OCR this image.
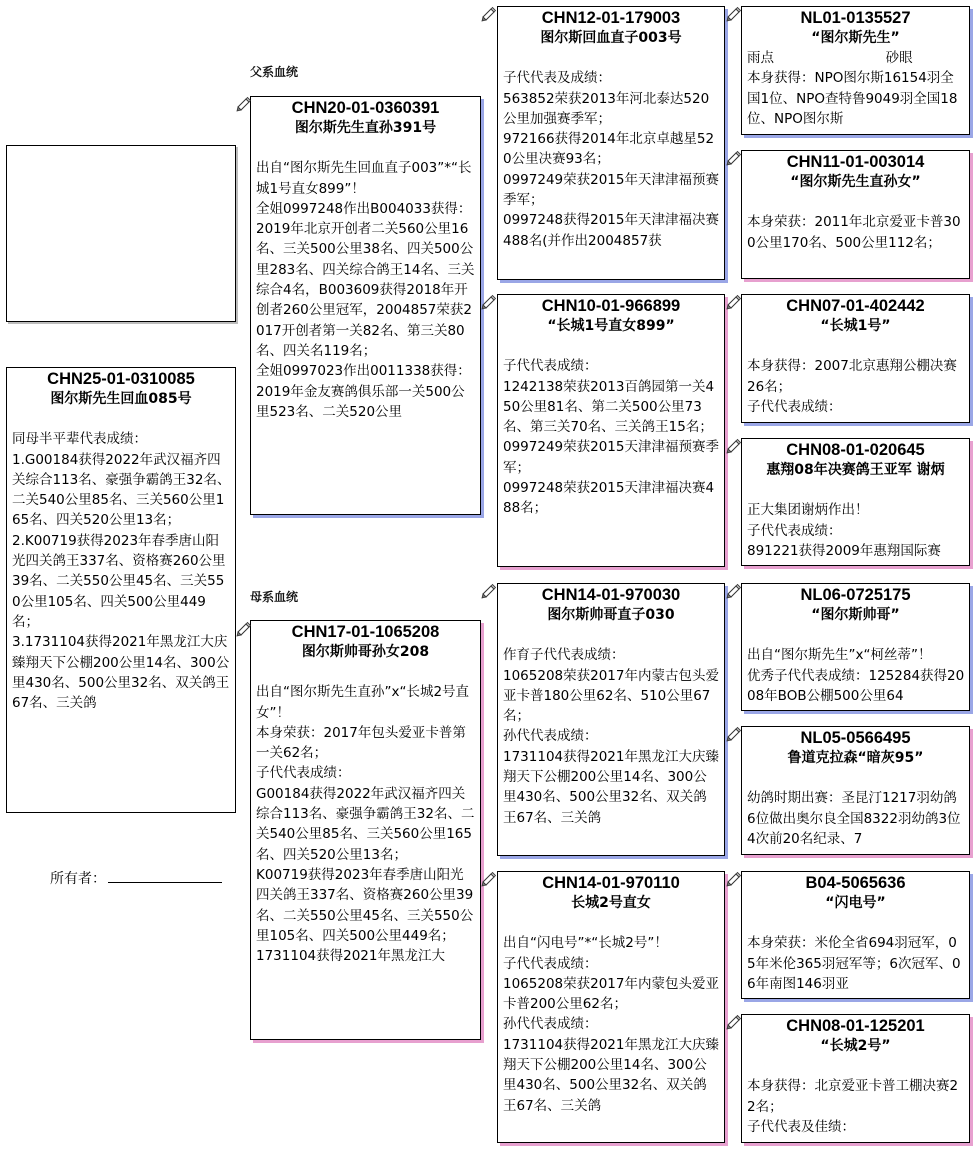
父系血统
母系血统
所有者：
CHN25-01-0310085
图尔斯先生回血085号

同母半平辈代表成绩：
1.G00184获得2022年武汉福齐四关综合113名、豪强争霸鸽王32名、二关540公里85名、三关560公里165名、四关520公里13名；
2.K00719获得2023年春季唐山阳光四关鸽王337名、资格赛260公里39名、二关550公里45名、三关550公里105名、四关500公里449名；
3.1731104获得2021年黑龙江大庆臻翔天下公棚200公里14名、300公里430名、500公里32名、双关鸽王67名、三关鸽
CHN20-01-0360391
图尔斯先生直孙391号

出自“图尔斯先生回血直子003”*“长城1号直女899”！
全姐0997248作出B004033获得：
2019年北京开创者二关560公里16名、三关500公里38名、四关500公里283名、四关综合鸽王14名、三关综合4名，B003609获得2018年开创者260公里冠军，2004857荣获2017开创者第一关82名、第三关80名、四关名119名；
全姐0997023作出0011338获得：
2019年金友赛鸽俱乐部一关500公里523名、二关520公里
CHN17-01-1065208
图尔斯帅哥孙女208

出自“图尔斯先生直孙”x“长城2号直女”！
本身荣获：2017年包头爱亚卡普第一关62名；
子代代表成绩：
G00184获得2022年武汉福齐四关综合113名、豪强争霸鸽王32名、二关540公里85名、三关560公里165名、四关520公里13名；
K00719获得2023年春季唐山阳光四关鸽王337名、资格赛260公里39名、二关550公里45名、三关550公里105名、四关500公里449名；
1731104获得2021年黑龙江大
CHN12-01-179003
图尔斯回血直子003号

子代代表及成绩：
563852荣获2013年河北泰达520公里加强赛季军；
972166获得2014年北京卓越星520公里决赛93名；
0997249荣获2015年天津津福预赛季军；
0997248获得2015年天津津福决赛488名(并作出2004857获
CHN10-01-966899
“长城1号直女899”

子代代表成绩：
1242138荣获2013百鸽园第一关450公里81名、第二关500公里73名、第三关70名、三关鸽王15名；
0997249荣获2015天津津福预赛季军；
0997248荣获2015天津津福决赛488名；
CHN14-01-970030
图尔斯帅哥直子030

作育子代代表成绩：
1065208荣获2017年内蒙古包头爱亚卡普180公里62名、510公里67名；
孙代代表成绩：
1731104获得2021年黑龙江大庆臻翔天下公棚200公里14名、300公里430名、500公里32名、双关鸽王67名、三关鸽
CHN14-01-970110
长城2号直女

出自“闪电号”*“长城2号”！
子代代表成绩：
1065208荣获2017年内蒙包头爱亚卡普200公里62名；
孙代代表成绩：
1731104获得2021年黑龙江大庆臻翔天下公棚200公里14名、300公里430名、500公里32名、双关鸽王67名、三关鸽
NL01-0135527
“图尔斯先生”
雨点                          砂眼
本身获得：NPO图尔斯16154羽全国1位、NPO查特鲁9049羽全国18位、NPO图尔斯
CHN11-01-003014
“图尔斯先生直孙女”

本身荣获：2011年北京爱亚卡普300公里170名、500公里112名；
CHN07-01-402442
“长城1号”

本身获得：2007北京惠翔公棚决赛26名；
子代代表成绩：
CHN08-01-020645
惠翔08年决赛鸽王亚军 谢炳

正大集团谢炳作出！
子代代表成绩：
891221获得2009年惠翔国际赛
NL06-0725175
“图尔斯帅哥”

出自“图尔斯先生”x“柯丝蒂”！
优秀子代代表成绩：125284获得2008年BOB公棚500公里64
NL05-0566495
鲁道克拉森“暗灰95”

幼鸽时期出赛：圣昆汀1217羽幼鸽6位做出奥尔良全国8322羽幼鸽3位4次前20名纪录、7
B04-5065636
“闪电号”

本身荣获：米伦全省694羽冠军，05年米伦365羽冠军等；6次冠军、06年南图146羽亚
CHN08-01-125201
“长城2号”

本身获得：北京爱亚卡普工棚决赛22名；
子代代表及佳绩：
